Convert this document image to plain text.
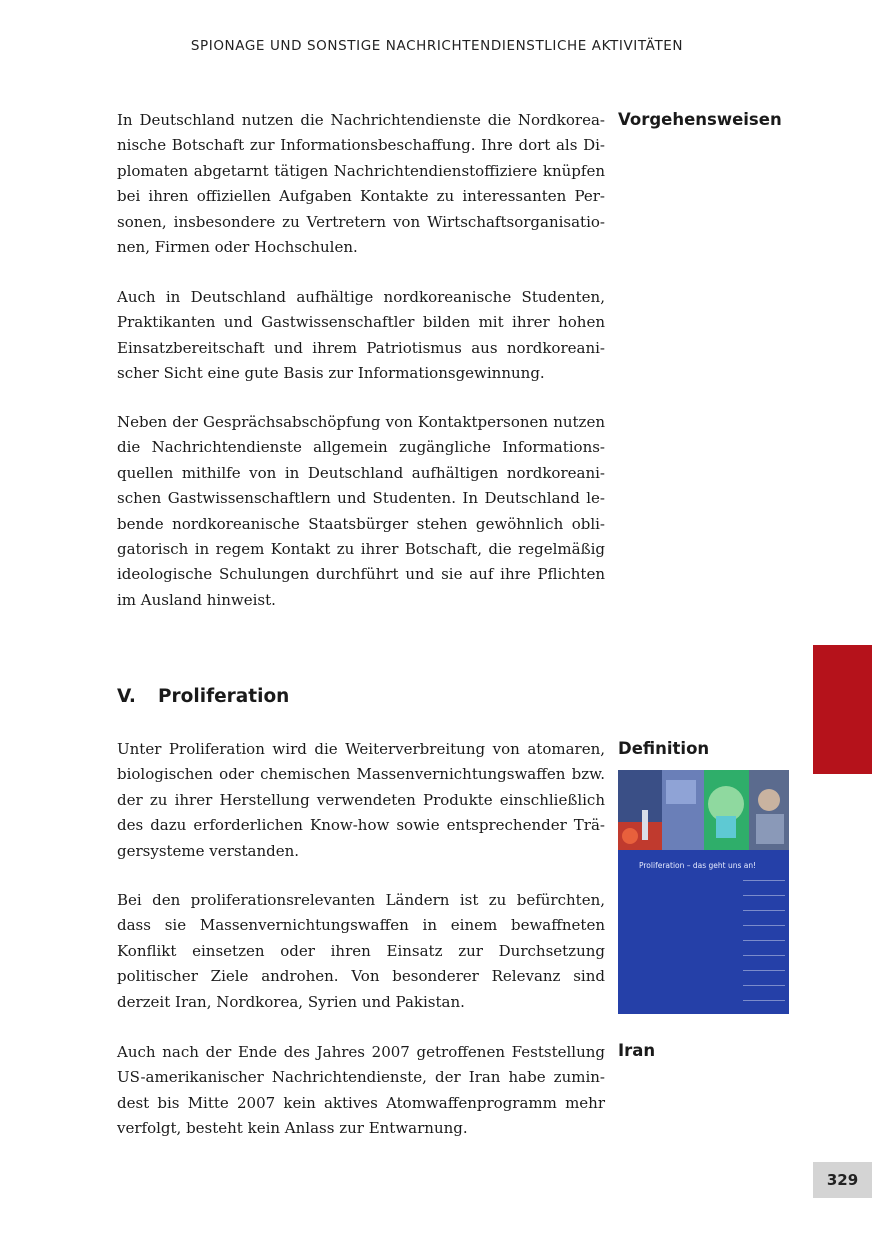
SPIONAGE UND SONSTIGE NACHRICHTENDIENSTLICHE AKTIVITÄTEN

In Deutschland nutzen die Nachrichtendienste die Nordkoreanische Botschaft zur Informationsbeschaffung. Ihre dort als Diplomaten abgetarnt tätigen Nachrichtendienstoffiziere knüpfen bei ihren offiziellen Aufgaben Kontakte zu interessanten Personen, insbesondere zu Vertretern von Wirtschaftsorganisationen, Firmen oder Hochschulen.

Vorgehensweisen

Auch in Deutschland aufhältige nordkoreanische Studenten, Praktikanten und Gastwissenschaftler bilden mit ihrer hohen Einsatzbereitschaft und ihrem Patriotismus aus nordkoreanischer Sicht eine gute Basis zur Informationsgewinnung.

Neben der Gesprächsabschöpfung von Kontaktpersonen nutzen die Nachrichtendienste allgemein zugängliche Informationsquellen mithilfe von in Deutschland aufhältigen nordkoreanischen Gastwissenschaftlern und Studenten. In Deutschland lebende nordkoreanische Staatsbürger stehen gewöhnlich obligatorisch in regem Kontakt zu ihrer Botschaft, die regelmäßig ideologische Schulungen durchführt und sie auf ihre Pflichten im Ausland hinweist.

V. Proliferation

Unter Proliferation wird die Weiterverbreitung von atomaren, biologischen oder chemischen Massenvernichtungswaffen bzw. der zu ihrer Herstellung verwendeten Produkte einschließlich des dazu erforderlichen Know-how sowie entsprechender Trägersysteme verstanden.

Definition
Proliferation – das geht uns an!

Bei den proliferationsrelevanten Ländern ist zu befürchten, dass sie Massenvernichtungswaffen in einem bewaffneten Konflikt einsetzen oder ihren Einsatz zur Durchsetzung politischer Ziele androhen. Von besonderer Relevanz sind derzeit Iran, Nordkorea, Syrien und Pakistan.

Auch nach der Ende des Jahres 2007 getroffenen Feststellung US-amerikanischer Nachrichtendienste, der Iran habe zumindest bis Mitte 2007 kein aktives Atomwaffenprogramm mehr verfolgt, besteht kein Anlass zur Entwarnung.

Iran
329
